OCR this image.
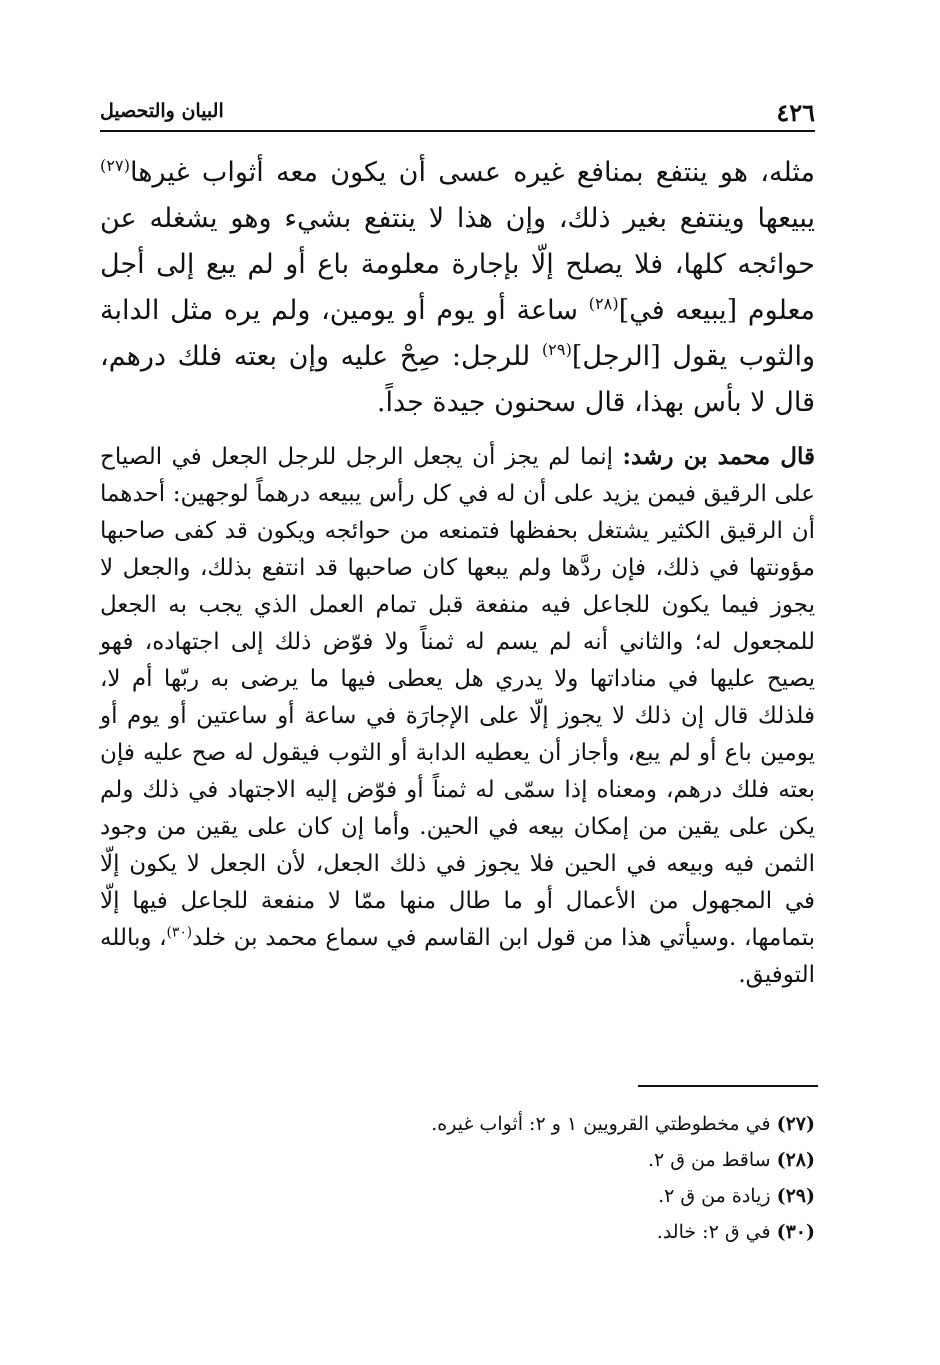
٤٢٦
البيان والتحصيل

مثله، هو ينتفع بمنافع غيره عسى أن يكون معه أثواب غيرها$^{(٢٧)}$ يبيعها وينتفع بغير ذلك، وإن هذا لا ينتفع بشيء وهو يشغله عن حوائجه كلها، فلا يصلح إلّا بإجارة معلومة باع أو لم يبع إلى أجل معلوم [يبيعه في]$^{(٢٨)}$ ساعة أو يوم أو يومين، ولم يره مثل الدابة والثوب يقول [الرجل]$^{(٢٩)}$ للرجل: صِحْ عليه وإن بعته فلك درهم، قال لا بأس بهذا، قال سحنون جيدة جداً.

قال محمد بن رشد: إنما لم يجز أن يجعل الرجل للرجل الجعل في الصياح على الرقيق فيمن يزيد على أن له في كل رأس يبيعه درهماً لوجهين: أحدهما أن الرقيق الكثير يشتغل بحفظها فتمنعه من حوائجه ويكون قد كفى صاحبها مؤونتها في ذلك، فإن ردَّها ولم يبعها كان صاحبها قد انتفع بذلك، والجعل لا يجوز فيما يكون للجاعل فيه منفعة قبل تمام العمل الذي يجب به الجعل للمجعول له؛ والثاني أنه لم يسم له ثمناً ولا فوّض ذلك إلى اجتهاده، فهو يصيح عليها في مناداتها ولا يدري هل يعطى فيها ما يرضى به ربّها أم لا، فلذلك قال إن ذلك لا يجوز إلّا على الإجارَة في ساعة أو ساعتين أو يوم أو يومين باع أو لم يبع، وأجاز أن يعطيه الدابة أو الثوب فيقول له صح عليه فإن بعته فلك درهم، ومعناه إذا سمّى له ثمناً أو فوّض إليه الاجتهاد في ذلك ولم يكن على يقين من إمكان بيعه في الحين. وأما إن كان على يقين من وجود الثمن فيه وبيعه في الحين فلا يجوز في ذلك الجعل، لأن الجعل لا يكون إلّا في المجهول من الأعمال أو ما طال منها ممّا لا منفعة للجاعل فيها إلّا بتمامها، .وسيأتي هذا من قول ابن القاسم في سماع محمد بن خلد$^{(٣٠)}$، وبالله التوفيق.

(٢٧) في مخطوطتي القرويين ١ و ٢: أثواب غيره.
(٢٨) ساقط من ق ٢.
(٢٩) زيادة من ق ٢.
(٣٠) في ق ٢: خالد.
